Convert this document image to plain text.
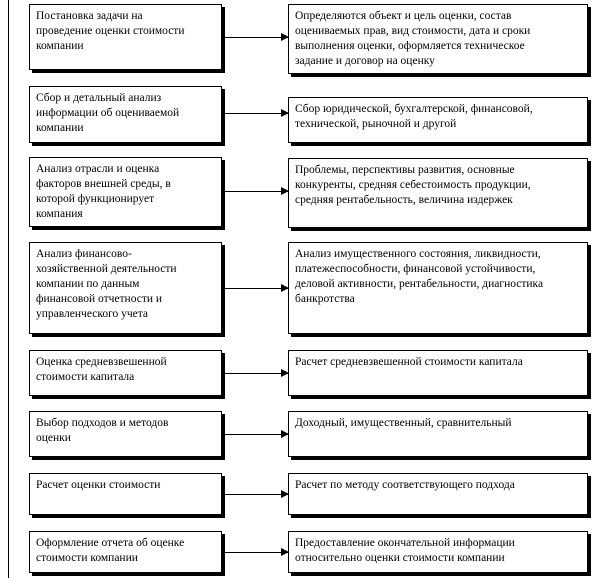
Постановка задачи на
проведение оценки стоимости
компании
Определяются объект и цель оценки, состав
оцениваемых прав, вид стоимости, дата и сроки
выполнения оценки, оформляется техническое
задание и договор на оценку
Сбор и детальный анализ
информации об оцениваемой
компании
Сбор юридической, бухгалтерской, финансовой,
технической, рыночной и другой
Анализ отрасли и оценка
факторов внешней среды, в
которой функционирует
компания
Проблемы, перспективы развития, основные
конкуренты, средняя себестоимость продукции,
средняя рентабельность, величина издержек
Анализ финансово-
хозяйственной деятельности
компании по данным
финансовой отчетности и
управленческого учета
Анализ имущественного состояния, ликвидности,
платежеспособности, финансовой устойчивости,
деловой активности, рентабельности, диагностика
банкротства
Оценка средневзвешенной
стоимости капитала
Расчет средневзвешенной стоимости капитала
Выбор подходов и методов
оценки
Доходный, имущественный, сравнительный
Расчет оценки стоимости	Расчет по методу соответствующего подхода
Оформление отчета об оценке
стоимости компании
Предоставление окончательной информации
относительно оценки стоимости компании
